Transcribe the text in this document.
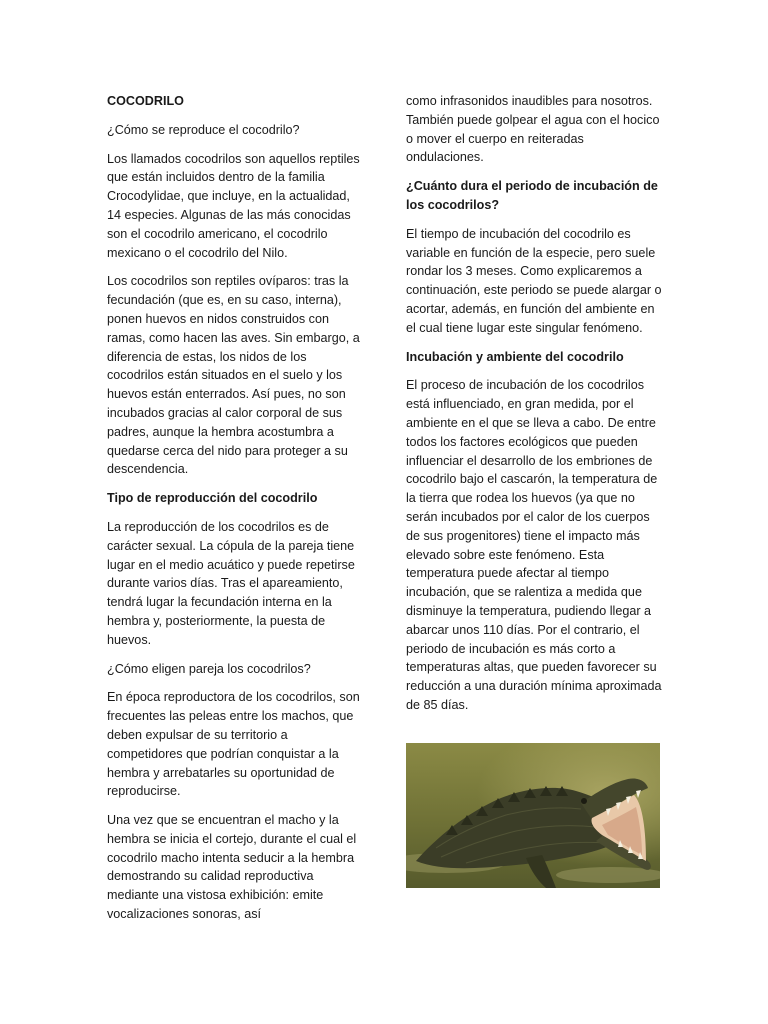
COCODRILO

¿Cómo se reproduce el cocodrilo?

Los llamados cocodrilos son aquellos reptiles que están incluidos dentro de la familia Crocodylidae, que incluye, en la actualidad, 14 especies. Algunas de las más conocidas son el cocodrilo americano, el cocodrilo mexicano o el cocodrilo del Nilo.

Los cocodrilos son reptiles ovíparos: tras la fecundación (que es, en su caso, interna), ponen huevos en nidos construidos con ramas, como hacen las aves. Sin embargo, a diferencia de estas, los nidos de los cocodrilos están situados en el suelo y los huevos están enterrados. Así pues, no son incubados gracias al calor corporal de sus padres, aunque la hembra acostumbra a quedarse cerca del nido para proteger a su descendencia.

Tipo de reproducción del cocodrilo

La reproducción de los cocodrilos es de carácter sexual. La cópula de la pareja tiene lugar en el medio acuático y puede repetirse durante varios días. Tras el apareamiento, tendrá lugar la fecundación interna en la hembra y, posteriormente, la puesta de huevos.

¿Cómo eligen pareja los cocodrilos?

En época reproductora de los cocodrilos, son frecuentes las peleas entre los machos, que deben expulsar de su territorio a competidores que podrían conquistar a la hembra y arrebatarles su oportunidad de reproducirse.

Una vez que se encuentran el macho y la hembra se inicia el cortejo, durante el cual el cocodrilo macho intenta seducir a la hembra demostrando su calidad reproductiva mediante una vistosa exhibición: emite vocalizaciones sonoras, así

como infrasonidos inaudibles para nosotros. También puede golpear el agua con el hocico o mover el cuerpo en reiteradas ondulaciones.

¿Cuánto dura el periodo de incubación de los cocodrilos?

El tiempo de incubación del cocodrilo es variable en función de la especie, pero suele rondar los 3 meses. Como explicaremos a continuación, este periodo se puede alargar o acortar, además, en función del ambiente en el cual tiene lugar este singular fenómeno.

Incubación y ambiente del cocodrilo

El proceso de incubación de los cocodrilos está influenciado, en gran medida, por el ambiente en el que se lleva a cabo. De entre todos los factores ecológicos que pueden influenciar el desarrollo de los embriones de cocodrilo bajo el cascarón, la temperatura de la tierra que rodea los huevos (ya que no serán incubados por el calor de los cuerpos de sus progenitores) tiene el impacto más elevado sobre este fenómeno. Esta temperatura puede afectar al tiempo incubación, que se ralentiza a medida que disminuye la temperatura, pudiendo llegar a abarcar unos 110 días. Por el contrario, el periodo de incubación es más corto a temperaturas altas, que pueden favorecer su reducción a una duración mínima aproximada de 85 días.
